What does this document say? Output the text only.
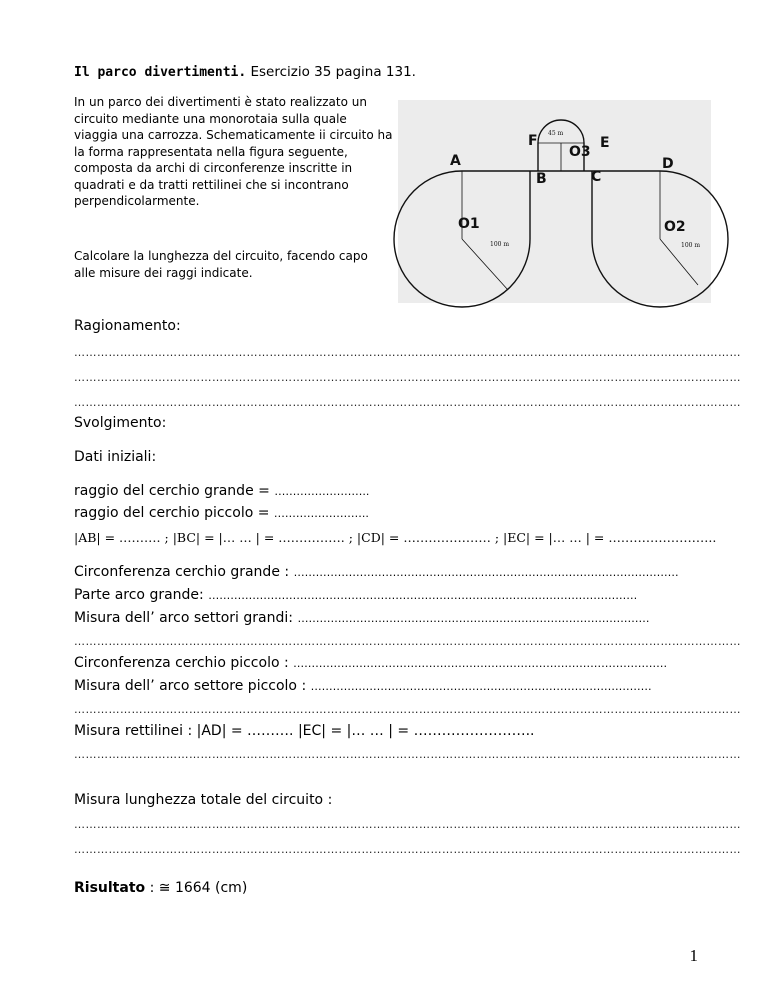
Il parco divertimenti. Esercizio 35 pagina 131.
In un parco dei divertimenti è stato realizzato un circuito mediante una monorotaia sulla quale viaggia una carrozza. Schematicamente ii circuito ha la forma rappresentata nella figura seguente, composta da archi di circonferenze inscritte in quadrati e da tratti rettilinei che si incontrano perpendicolarmente.
Calcolare la lunghezza del circuito, facendo capo alle misure dei raggi indicate.
A
B	C
D
E
F
O1	O2
O3
45 m
100 m	100 m
Ragionamento:
…………………………………………………………………………………………………………………………………………………………
…………………………………………………………………………………………………………………………………………………………
…………………………………………………………………………………………………………………………………………………………
Svolgimento:
Dati iniziali:
raggio del cerchio grande = ……………………..
raggio del cerchio piccolo = ……………………..
|AB| = ………. ; |BC| = |… … | = ……………. ; |CD| = ………………… ; |EC| = |… … | = ……………………..
Circonferenza cerchio grande : ……………………………………………………………………………………………
Parte arco grande: ………………………………………………………………………………………………………
Misura dell’ arco settori grandi: ……………………………………………………………………………………
…………………………………………………………………………………………………………………………………………………………
Circonferenza cerchio piccolo : …………………………………………………………………………………………
Misura dell’ arco settore piccolo : …………………………………………………………………………………
…………………………………………………………………………………………………………………………………………………………
Misura rettilinei : |AD| = ………. |EC| = |… … | = ……………………..
…………………………………………………………………………………………………………………………………………………………
Misura lunghezza totale del circuito :
…………………………………………………………………………………………………………………………………………………………
…………………………………………………………………………………………………………………………………………………………
Risultato : ≅ 1664 (cm)
1
